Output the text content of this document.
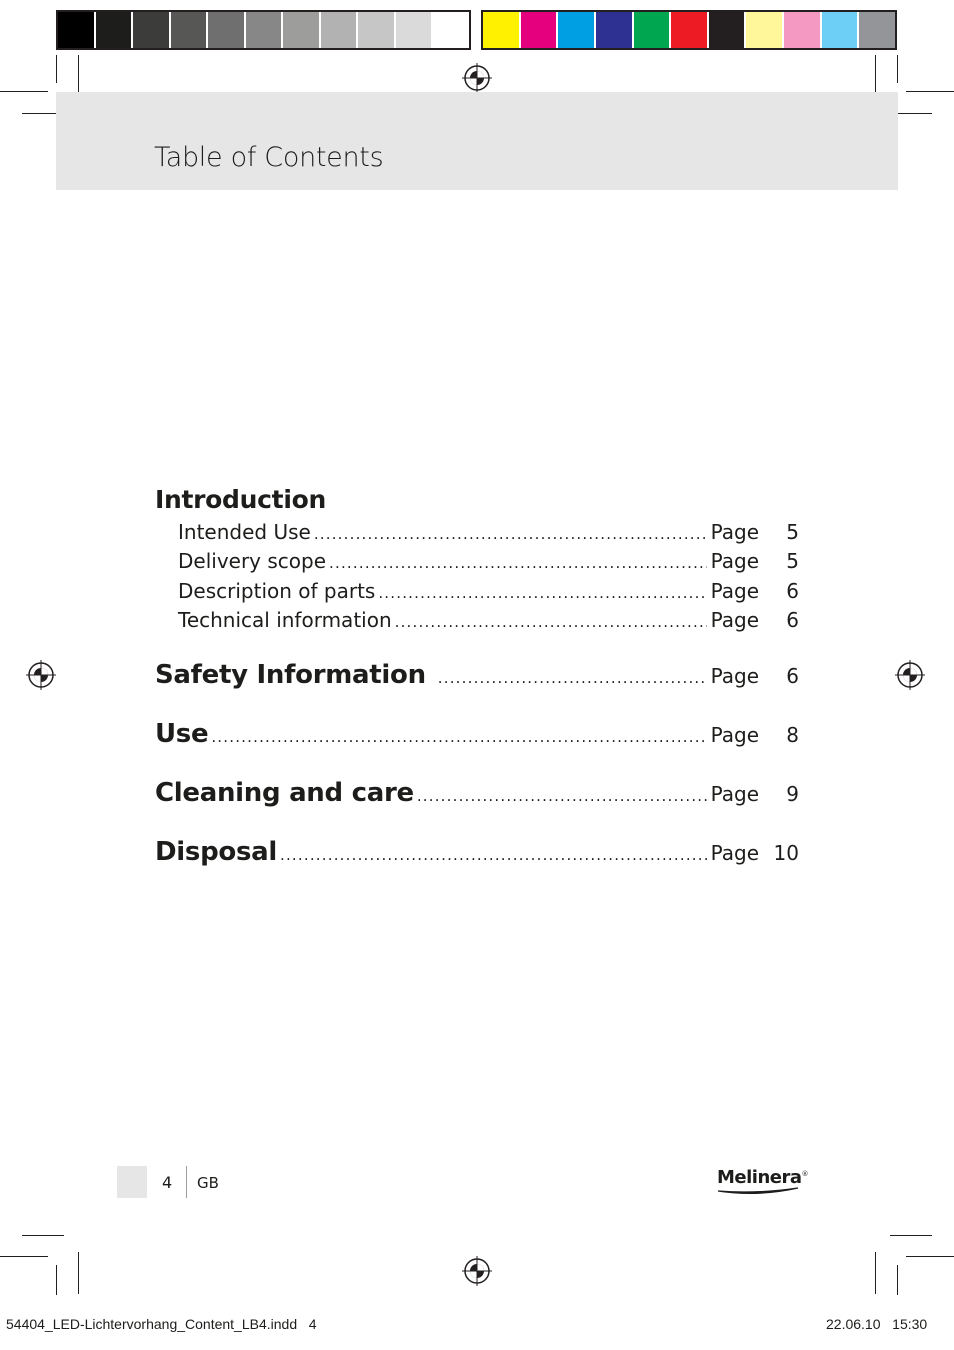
Table of Contents
Introduction
Intended Use .....	Page	5
Delivery scope .....	Page	5
Description of parts .....	Page	6
Technical information .....	Page	6
Safety Information .....	Page	6
Use .....	Page	8
Cleaning and care .....	Page	9
Disposal .....	Page 10
4 GB	Melinera®
54404_LED-Lichtervorhang_Content_LB4.indd   4	22.06.10   15:30
